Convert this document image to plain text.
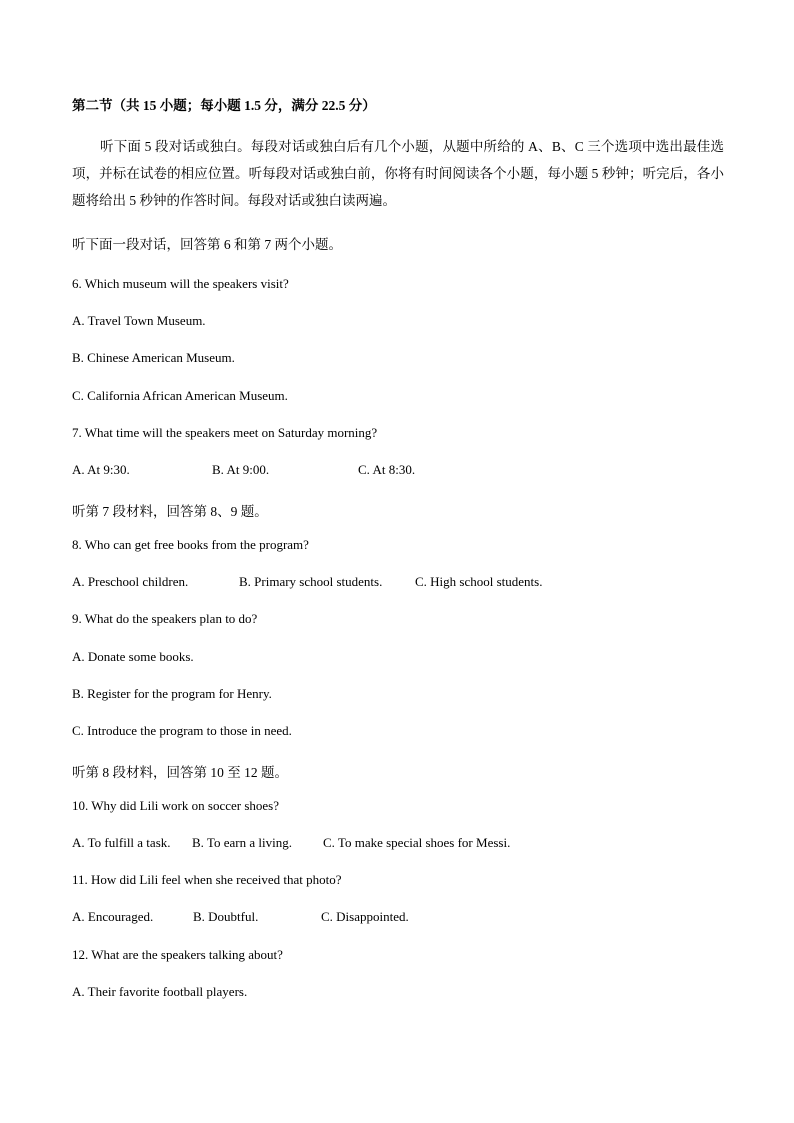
第二节（共 15 小题；每小题 1.5 分，满分 22.5 分）

听下面 5 段对话或独白。每段对话或独白后有几个小题，从题中所给的 A、B、C 三个选项中选出最佳选项，并标在试卷的相应位置。听每段对话或独白前，你将有时间阅读各个小题，每小题 5 秒钟；听完后，各小题将给出 5 秒钟的作答时间。每段对话或独白读两遍。

听下面一段对话，回答第 6 和第 7 两个小题。
6. Which museum will the speakers visit?
A. Travel Town Museum.
B. Chinese American Museum.
C. California African American Museum.
7. What time will the speakers meet on Saturday morning?
A. At 9:30.	B. At 9:00.	C. At 8:30.
听第 7 段材料，回答第 8、9 题。
8. Who can get free books from the program?
A. Preschool children.	B. Primary school students.	C. High school students.
9. What do the speakers plan to do?
A. Donate some books.
B. Register for the program for Henry.
C. Introduce the program to those in need.
听第 8 段材料，回答第 10 至 12 题。
10. Why did Lili work on soccer shoes?
A. To fulfill a task. B. To earn a living. C. To make special shoes for Messi.
11. How did Lili feel when she received that photo?
A. Encouraged.	B. Doubtful.	C. Disappointed.
12. What are the speakers talking about?
A. Their favorite football players.
